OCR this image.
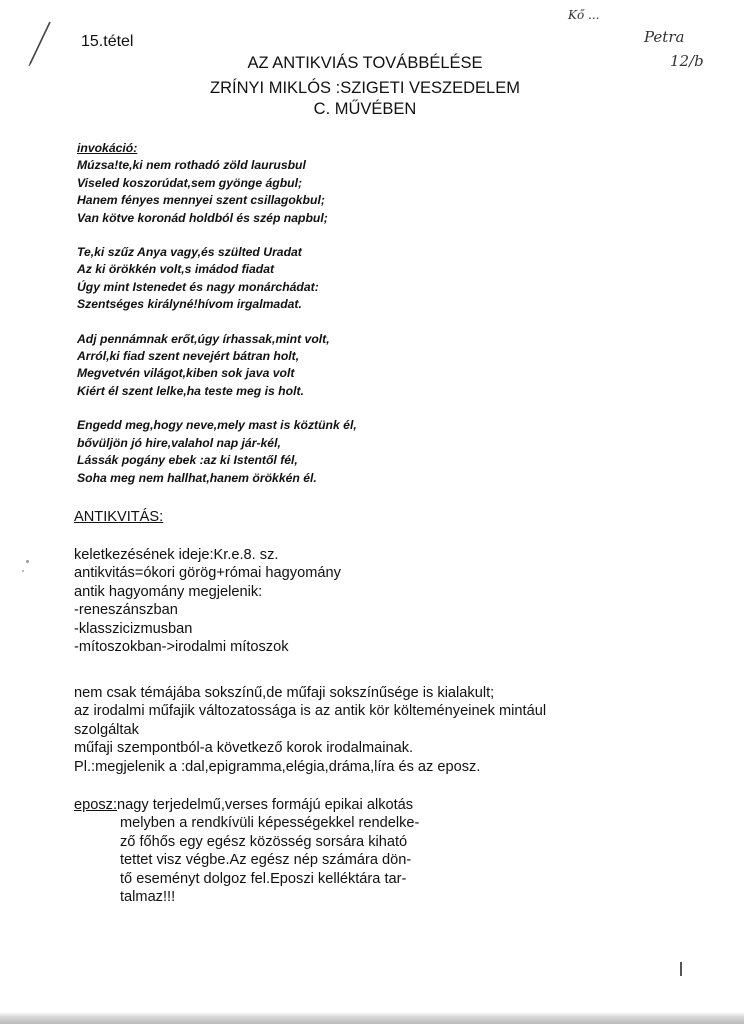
Kő ...
Petra
12/b
15.tétel
AZ ANTIKVIÁS TOVÁBBÉLÉSE
ZRÍNYI MIKLÓS :SZIGETI VESZEDELEM
C. MŰVÉBEN
invokáció:
Múzsa!te,ki nem rothadó zöld laurusbul
Viseled koszorúdat,sem gyönge ágbul;
Hanem fényes mennyei szent csillagokbul;
Van kötve koronád holdból és szép napbul;
Te,ki szűz Anya vagy,és szülted Uradat
Az ki örökkén volt,s imádod fiadat
Úgy mint Istenedet és nagy monárchádat:
Szentséges királyné!hívom irgalmadat.
Adj pennámnak erőt,úgy írhassak,mint volt,
Arról,ki fiad szent nevejért bátran holt,
Megvetvén világot,kiben sok java volt
Kiért él szent lelke,ha teste meg is holt.
Engedd meg,hogy neve,mely mast is köztünk él,
bővüljön jó hire,valahol nap jár-kél,
Lássák pogány ebek :az ki Istentől fél,
Soha meg nem hallhat,hanem örökkén él.
ANTIKVITÁS:
keletkezésének ideje:Kr.e.8. sz.
antikvitás=ókori görög+római hagyomány
antik hagyomány megjelenik:
-reneszánszban
-klasszicizmusban
-mítoszokban->irodalmi mítoszok
nem csak témájába sokszínű,de műfaji sokszínűsége is kialakult;
az irodalmi műfajik változatossága is az antik kör költeményeinek mintául
szolgáltak
műfaji szempontból-a következő korok irodalmainak.
Pl.:megjelenik a :dal,epigramma,elégia,dráma,líra és az eposz.
eposz:nagy terjedelmű,verses formájú epikai alkotás
melyben a rendkívüli képességekkel rendelke-
ző főhős egy egész közösség sorsára kiható
tettet visz végbe.Az egész nép számára dön-
tő eseményt dolgoz fel.Eposzi kelléktára tar-
talmaz!!!
